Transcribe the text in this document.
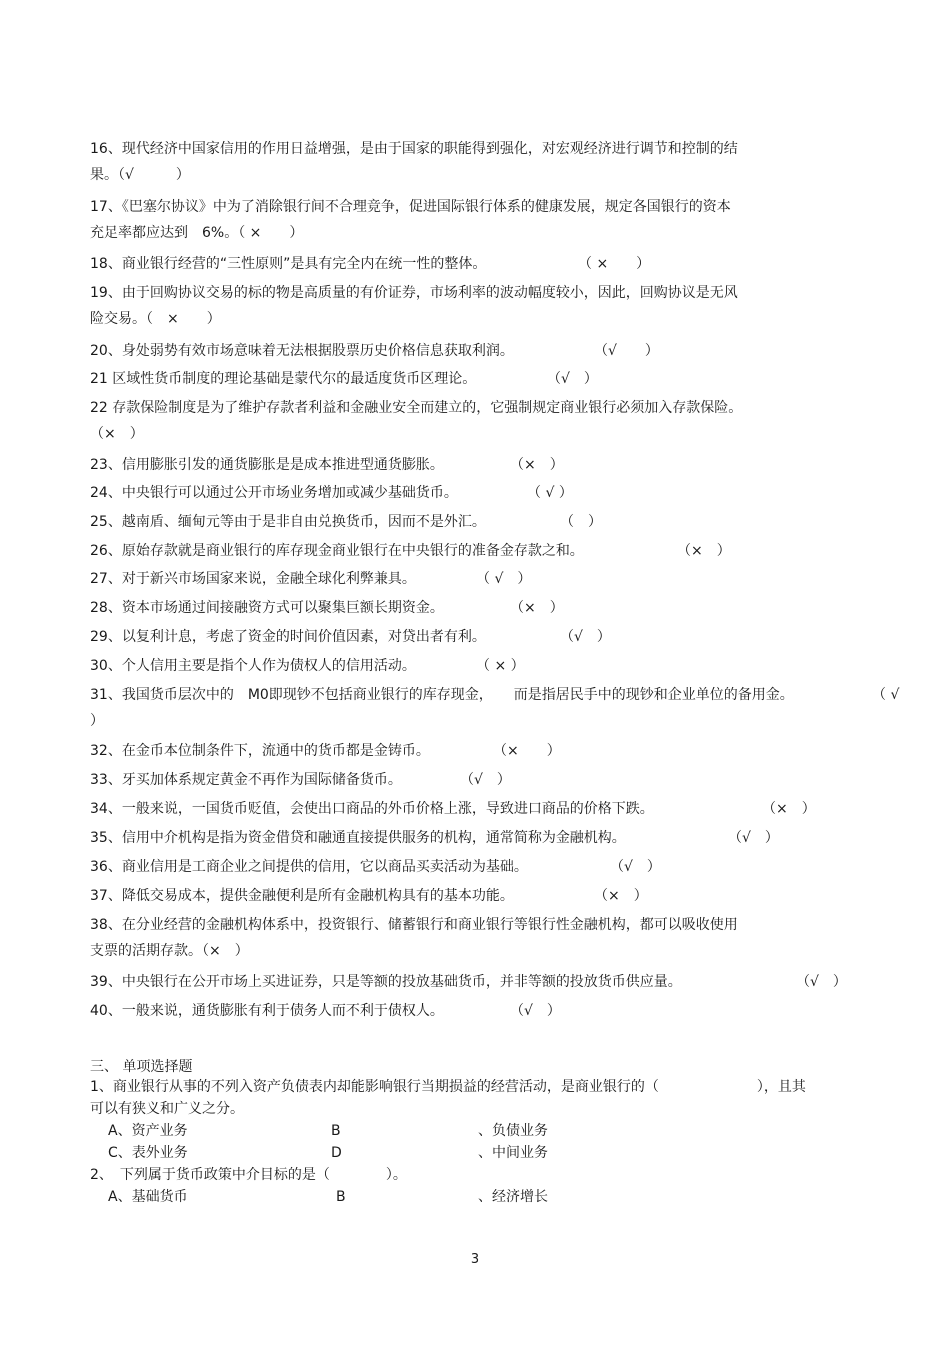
16、现代经济中国家信用的作用日益增强，是由于国家的职能得到强化，对宏观经济进行调节和控制的结
果。（√　　　）
17、《巴塞尔协议》中为了消除银行间不合理竞争，促进国际银行体系的健康发展，规定各国银行的资本
充足率都应达到　6%。（ ×　　）
18、商业银行经营的“三性原则”是具有完全内在统一性的整体。	（ ×　　）
19、由于回购协议交易的标的物是高质量的有价证券，市场利率的波动幅度较小，因此，回购协议是无风
险交易。（　×　　）
20、身处弱势有效市场意味着无法根据股票历史价格信息获取利润。	（√　　）
21 区域性货币制度的理论基础是蒙代尔的最适度货币区理论。	（√　）
22 存款保险制度是为了维护存款者利益和金融业安全而建立的，它强制规定商业银行必须加入存款保险。
（×　）
23、信用膨胀引发的通货膨胀是是成本推进型通货膨胀。	（×　）
24、中央银行可以通过公开市场业务增加或减少基础货币。	（ √ ）
25、越南盾、缅甸元等由于是非自由兑换货币，因而不是外汇。	（　）
26、原始存款就是商业银行的库存现金商业银行在中央银行的准备金存款之和。	（×　）
27、对于新兴市场国家来说，金融全球化利弊兼具。	（ √　）
28、资本市场通过间接融资方式可以聚集巨额长期资金。	（×　）
29、以复利计息，考虑了资金的时间价值因素，对贷出者有利。	（√　）
30、个人信用主要是指个人作为债权人的信用活动。	（ × ）
31、我国货币层次中的　M0即现钞不包括商业银行的库存现金，　　而是指居民手中的现钞和企业单位的备用金。	（ √
）
32、在金币本位制条件下，流通中的货币都是金铸币。	（×　　）
33、牙买加体系规定黄金不再作为国际储备货币。	（√　）
34、一般来说，一国货币贬值，会使出口商品的外币价格上涨，导致进口商品的价格下跌。	（×　）
35、信用中介机构是指为资金借贷和融通直接提供服务的机构，通常简称为金融机构。	（√　）
36、商业信用是工商企业之间提供的信用，它以商品买卖活动为基础。	（√　）
37、降低交易成本，提供金融便利是所有金融机构具有的基本功能。	（×　）
38、在分业经营的金融机构体系中，投资银行、储蓄银行和商业银行等银行性金融机构，都可以吸收使用
支票的活期存款。（×　）
39、中央银行在公开市场上买进证券，只是等额的投放基础货币，并非等额的投放货币供应量。	（√　）
40、一般来说，通货膨胀有利于债务人而不利于债权人。	（√　）
三、 单项选择题
1、商业银行从事的不列入资产负债表内却能影响银行当期损益的经营活动，是商业银行的（　　　　　　　），且其
可以有狭义和广义之分。
A、资产业务	B	、负债业务
C、表外业务	D	、中间业务
2、　下列属于货币政策中介目标的是（　　　　）。
A、基础货币	B	、经济增长
3
